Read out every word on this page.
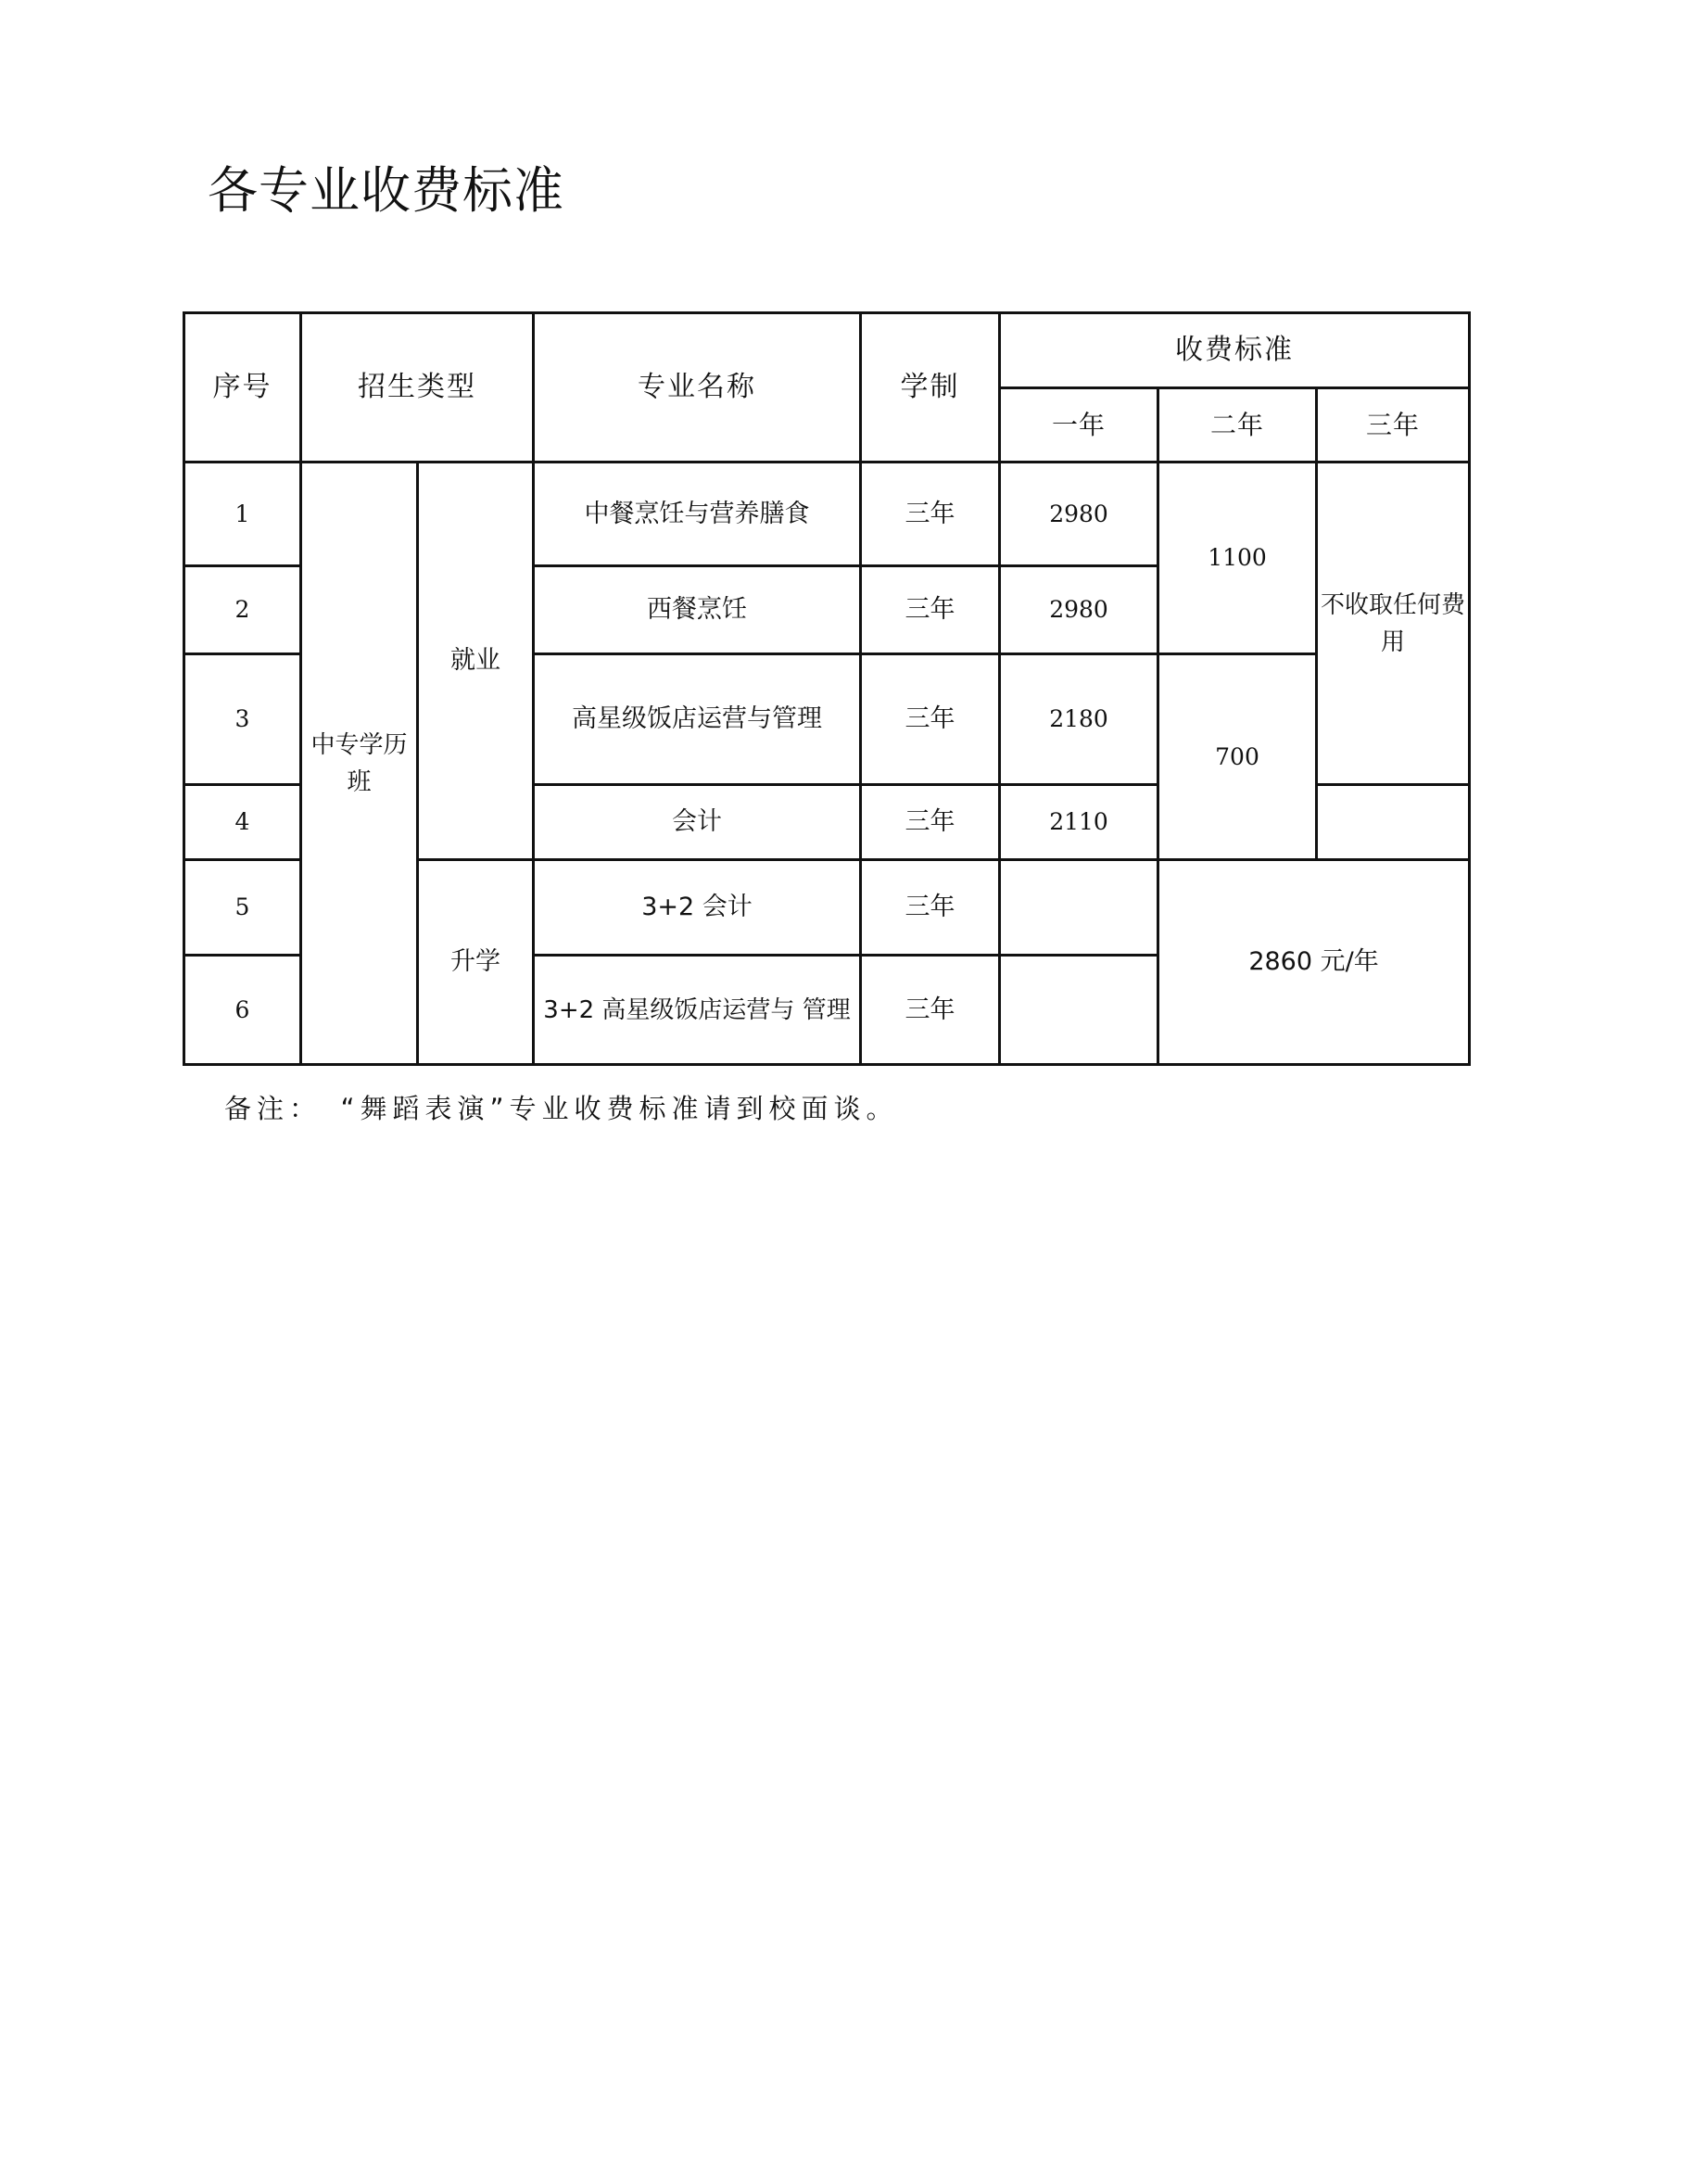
各专业收费标准
序号	招生类型		专业名称	学制	收费标准		
					一年	二年	三年
1	中专学历班	就业	中餐烹饪与营养膳食	三年	2980	1100	不收取任何费用
2			西餐烹饪	三年	2980		
3			高星级饭店运营与管理	三年	2180	700	
4			会计	三年	2110		
5		升学	3+2 会计	三年		2860 元/年	
6			3+2 高星级饭店运营与 管理	三年			
备注：　“舞蹈表演”专业收费标准请到校面谈。
